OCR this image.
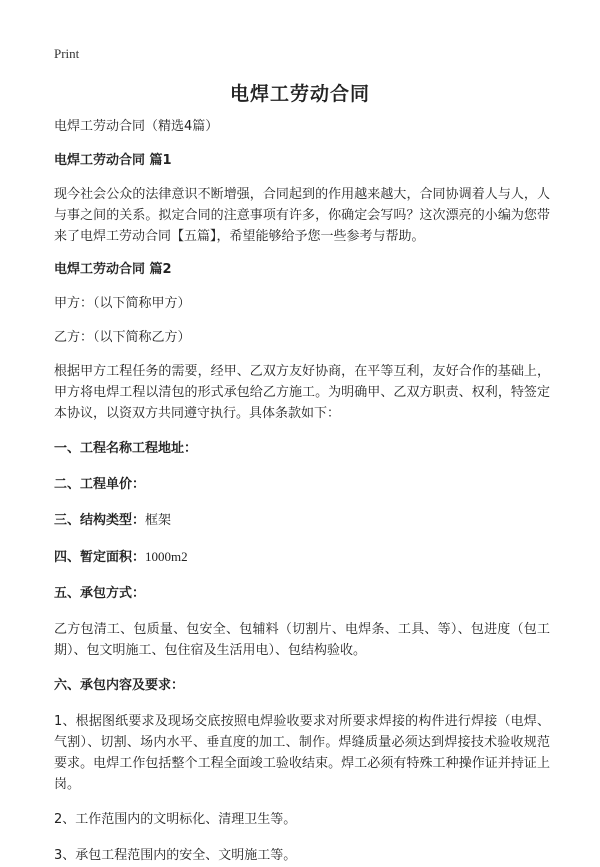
Print
电焊工劳动合同

电焊工劳动合同（精选4篇）

电焊工劳动合同 篇1

现今社会公众的法律意识不断增强，合同起到的作用越来越大，合同协调着人与人，人与事之间的关系。拟定合同的注意事项有许多，你确定会写吗？这次漂亮的小编为您带来了电焊工劳动合同【五篇】，希望能够给予您一些参考与帮助。

电焊工劳动合同 篇2

甲方：（以下简称甲方）

乙方：（以下简称乙方）

根据甲方工程任务的需要，经甲、乙双方友好协商，在平等互利，友好合作的基础上，甲方将电焊工程以清包的形式承包给乙方施工。为明确甲、乙双方职责、权利，特签定本协议，以资双方共同遵守执行。具体条款如下：

一、工程名称工程地址：

二、工程单价：

三、结构类型：框架

四、暂定面积：1000m2

五、承包方式：

乙方包清工、包质量、包安全、包辅料（切割片、电焊条、工具、等）、包进度（包工期）、包文明施工、包住宿及生活用电）、包结构验收。

六、承包内容及要求：

1、根据图纸要求及现场交底按照电焊验收要求对所要求焊接的构件进行焊接（电焊、气割）、切割、场内水平、垂直度的加工、制作。焊缝质量必须达到焊接技术验收规范要求。电焊工作包括整个工程全面竣工验收结束。焊工必须有特殊工种操作证并持证上岗。

2、工作范围内的文明标化、清理卫生等。

3、承包工程范围内的安全、文明施工等。
